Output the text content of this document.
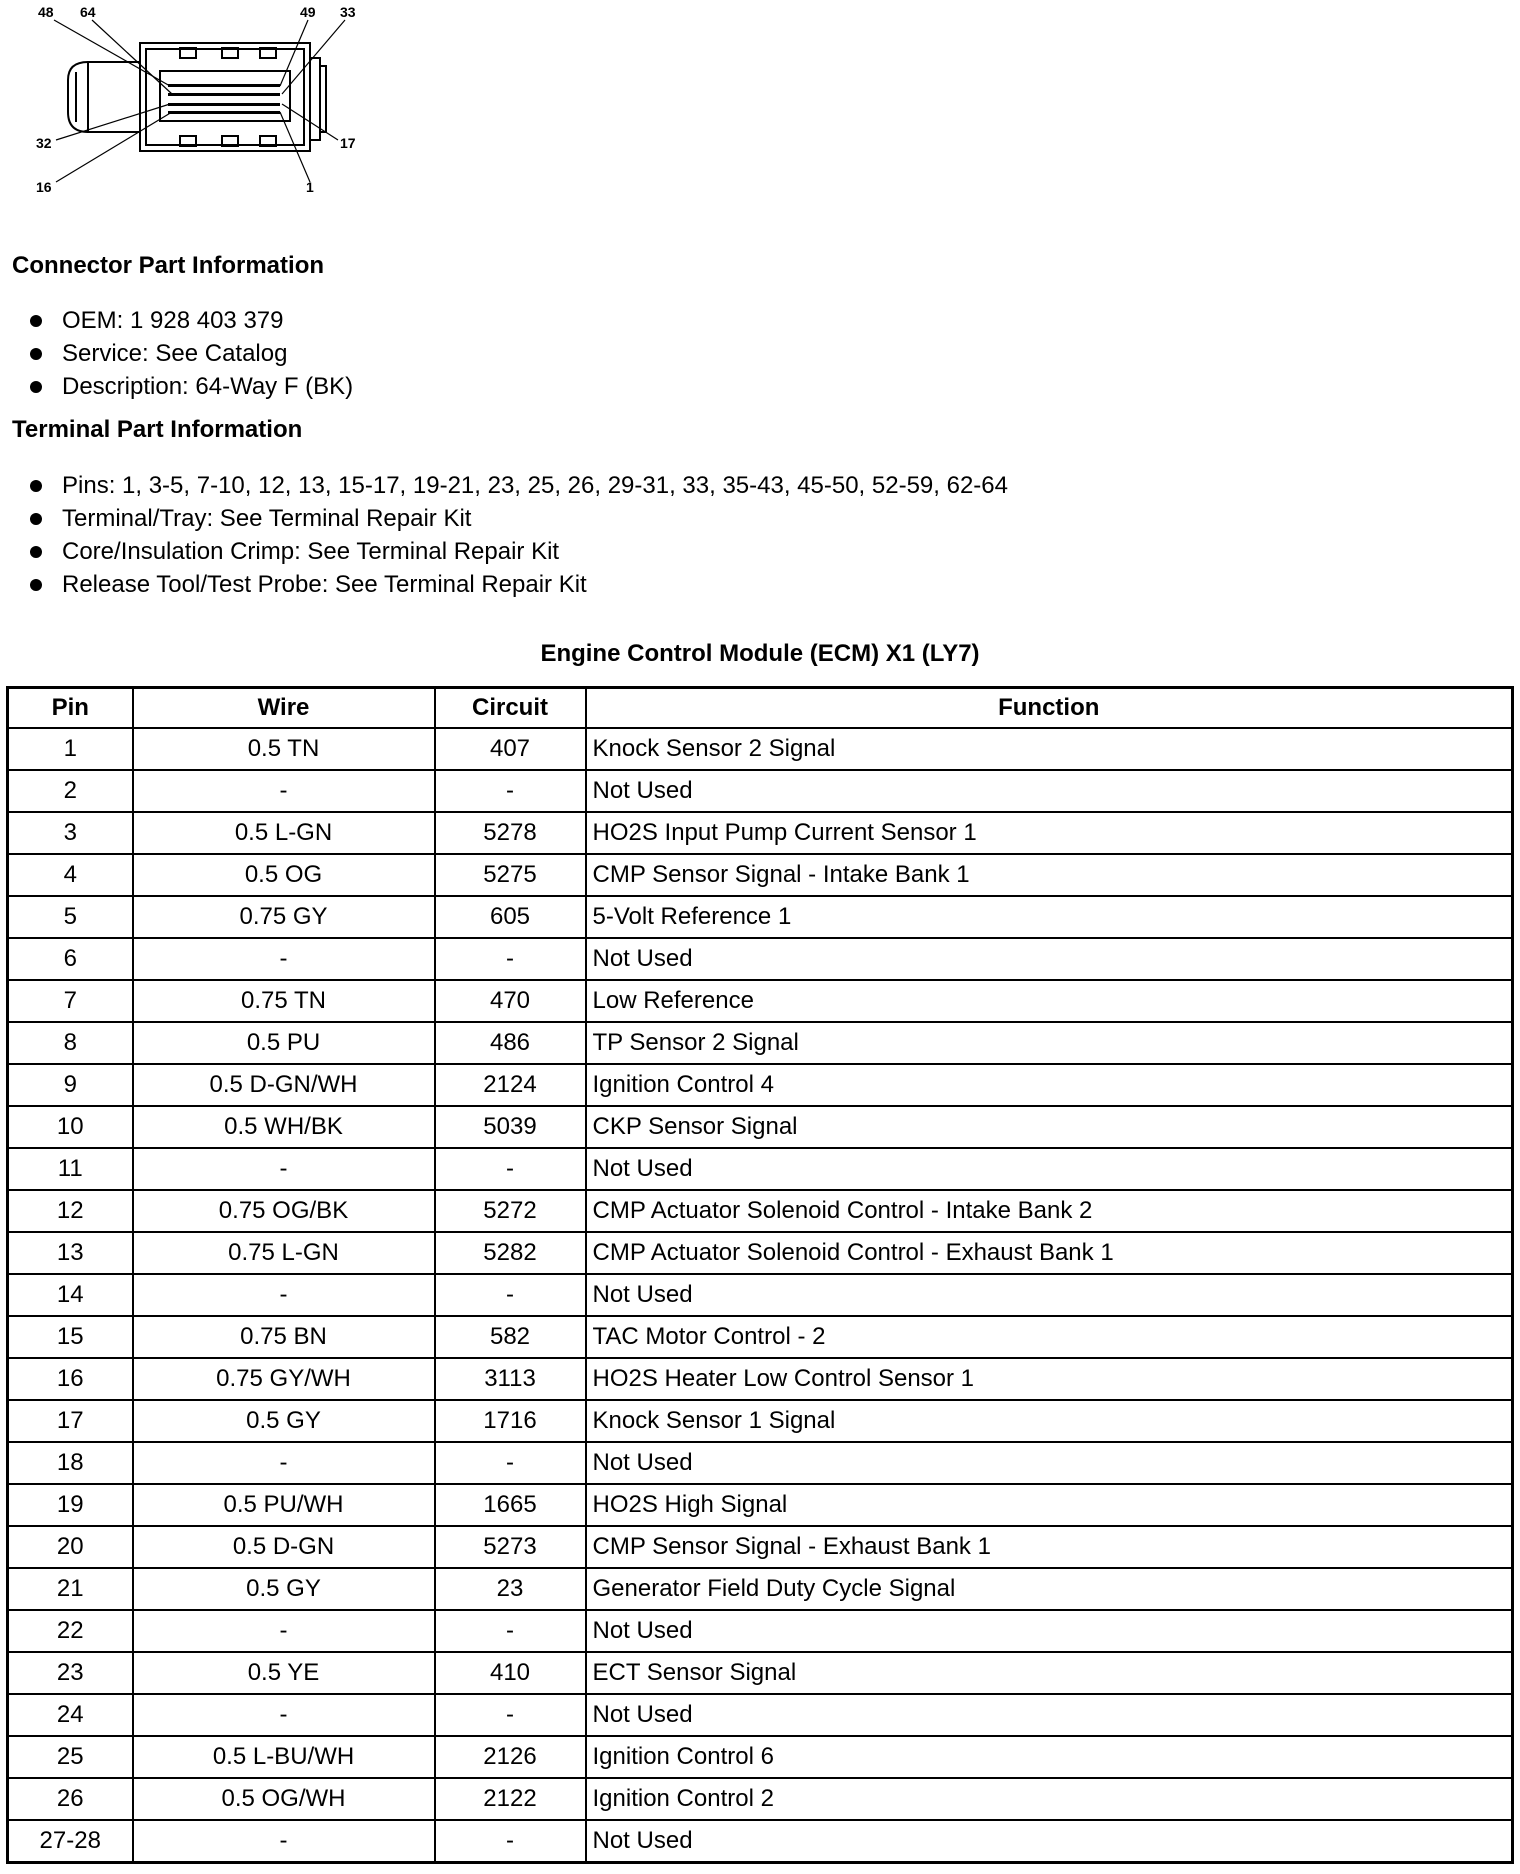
48 64	49 33
32	17
16	1
Connector Part Information
OEM: 1 928 403 379
Service: See Catalog
Description: 64-Way F (BK)
Terminal Part Information
Pins: 1, 3-5, 7-10, 12, 13, 15-17, 19-21, 23, 25, 26, 29-31, 33, 35-43, 45-50, 52-59, 62-64
Terminal/Tray: See Terminal Repair Kit
Core/Insulation Crimp: See Terminal Repair Kit
Release Tool/Test Probe: See Terminal Repair Kit
Engine Control Module (ECM) X1 (LY7)
Pin	Wire	Circuit	Function
1	0.5 TN	407	Knock Sensor 2 Signal
2	-	-	Not Used
3	0.5 L-GN	5278	HO2S Input Pump Current Sensor 1
4	0.5 OG	5275	CMP Sensor Signal - Intake Bank 1
5	0.75 GY	605	5-Volt Reference 1
6	-	-	Not Used
7	0.75 TN	470	Low Reference
8	0.5 PU	486	TP Sensor 2 Signal
9	0.5 D-GN/WH	2124	Ignition Control 4
10	0.5 WH/BK	5039	CKP Sensor Signal
11	-	-	Not Used
12	0.75 OG/BK	5272	CMP Actuator Solenoid Control - Intake Bank 2
13	0.75 L-GN	5282	CMP Actuator Solenoid Control - Exhaust Bank 1
14	-	-	Not Used
15	0.75 BN	582	TAC Motor Control - 2
16	0.75 GY/WH	3113	HO2S Heater Low Control Sensor 1
17	0.5 GY	1716	Knock Sensor 1 Signal
18	-	-	Not Used
19	0.5 PU/WH	1665	HO2S High Signal
20	0.5 D-GN	5273	CMP Sensor Signal - Exhaust Bank 1
21	0.5 GY	23	Generator Field Duty Cycle Signal
22	-	-	Not Used
23	0.5 YE	410	ECT Sensor Signal
24	-	-	Not Used
25	0.5 L-BU/WH	2126	Ignition Control 6
26	0.5 OG/WH	2122	Ignition Control 2
27-28	-	-	Not Used
